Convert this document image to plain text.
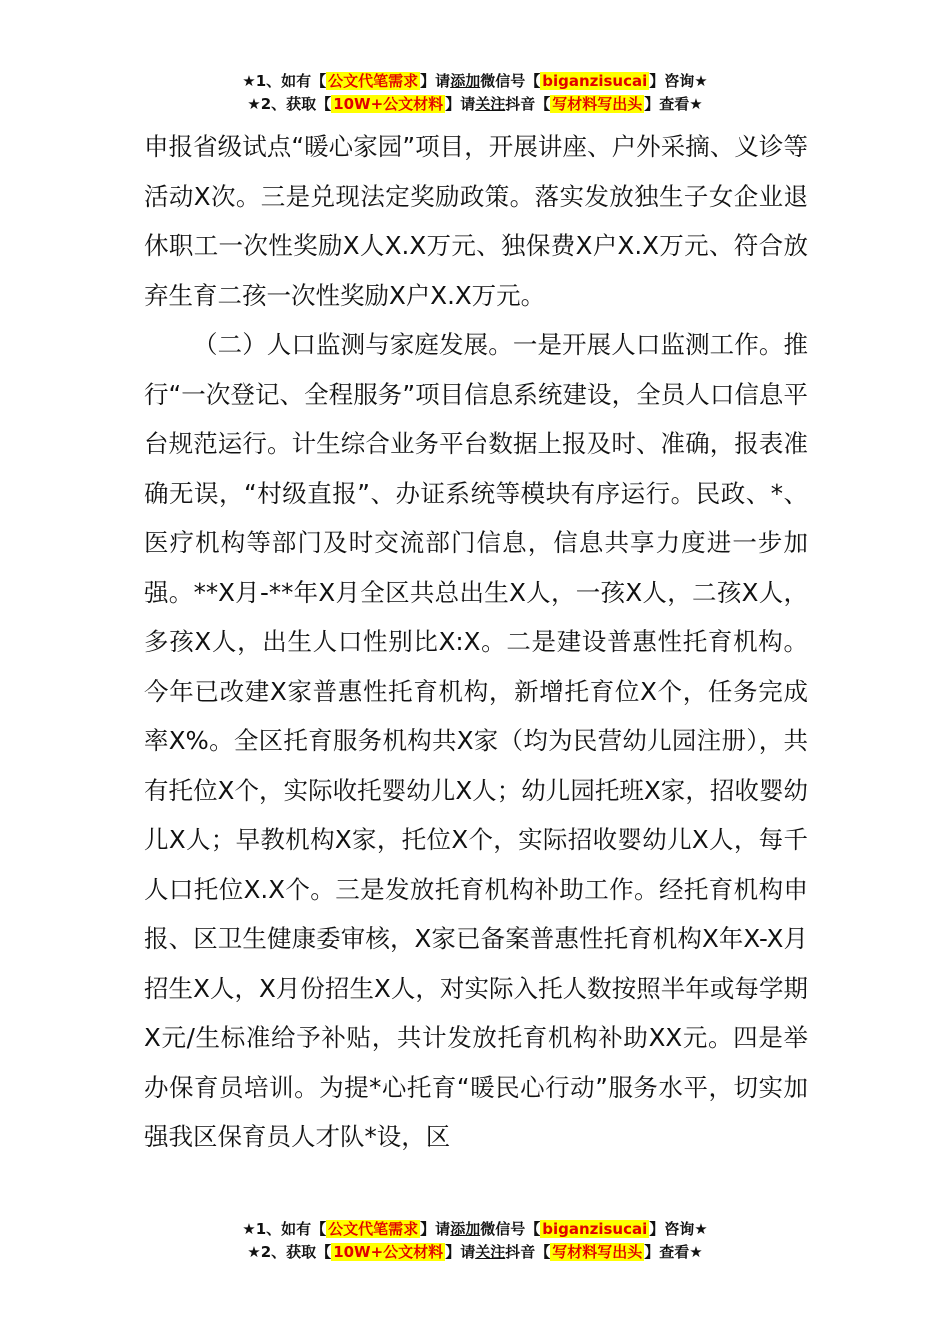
★1、如有【 公文代笔需求 】请添加微信号【 biganzisucai 】咨询★
★2、获取【 10W+公文材料 】请关注抖音【 写材料写出头 】查看★

申报省级试点“暖心家园”项目，开展讲座、户外采摘、义诊等活动X次。三是兑现法定奖励政策。落实发放独生子女企业退休职工一次性奖励X人X.X万元、独保费X户X.X万元、符合放弃生育二孩一次性奖励X户X.X万元。

（二）人口监测与家庭发展。一是开展人口监测工作。推行“一次登记、全程服务”项目信息系统建设，全员人口信息平台规范运行。计生综合业务平台数据上报及时、准确，报表准确无误，“村级直报”、办证系统等模块有序运行。民政、*、医疗机构等部门及时交流部门信息，信息共享力度进一步加强。**X月-**年X月全区共总出生X人，一孩X人，二孩X人，多孩X人，出生人口性别比X:X。二是建设普惠性托育机构。今年已改建X家普惠性托育机构，新增托育位X个，任务完成率X%。全区托育服务机构共X家（均为民营幼儿园注册），共有托位X个，实际收托婴幼儿X人；幼儿园托班X家，招收婴幼儿X人；早教机构X家，托位X个，实际招收婴幼儿X人，每千人口托位X.X个。三是发放托育机构补助工作。经托育机构申报、区卫生健康委审核，X家已备案普惠性托育机构X年X-X月招生X人，X月份招生X人，对实际入托人数按照半年或每学期X元/生标准给予补贴，共计发放托育机构补助XX元。四是举办保育员培训。为提*心托育“暖民心行动”服务水平，切实加强我区保育员人才队*设，区

★1、如有【 公文代笔需求 】请添加微信号【 biganzisucai 】咨询★
★2、获取【 10W+公文材料 】请关注抖音【 写材料写出头 】查看★
